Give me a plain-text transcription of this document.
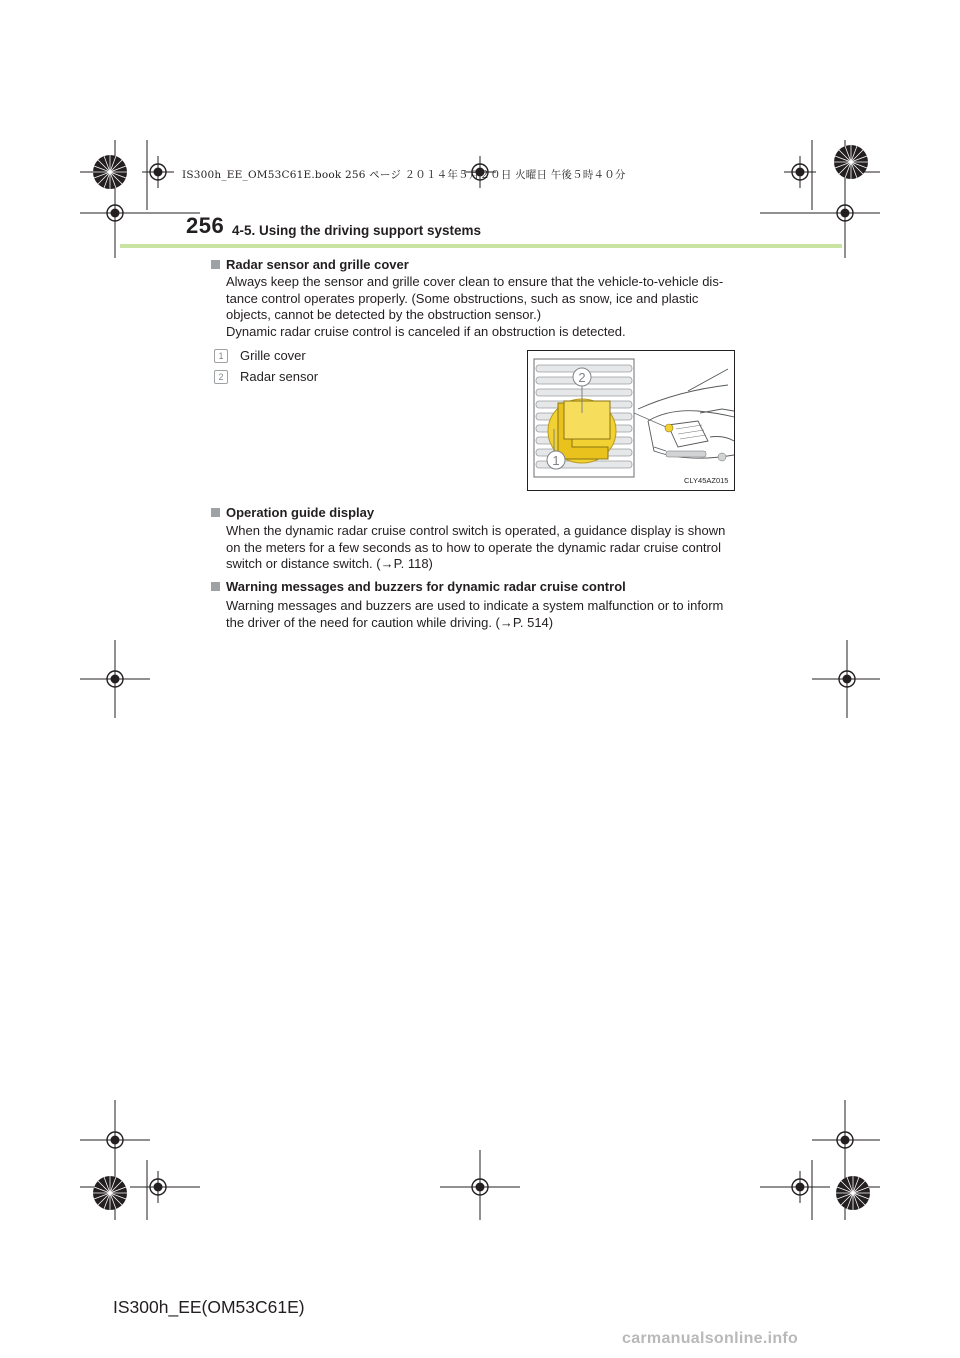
IS300h_EE_OM53C61E.book 256 ページ ２０１４年５月２０日 火曜日 午後５時４０分
256 4-5. Using the driving support systems
Radar sensor and grille cover
Always keep the sensor and grille cover clean to ensure that the vehicle-to-vehicle dis-
tance control operates properly. (Some obstructions, such as snow, ice and plastic
objects, cannot be detected by the obstruction sensor.)
Dynamic radar cruise control is canceled if an obstruction is detected.
1 Grille cover
2 Radar sensor	2
1
CLY45AZ015
Operation guide display
When the dynamic radar cruise control switch is operated, a guidance display is shown
on the meters for a few seconds as to how to operate the dynamic radar cruise control
switch or distance switch. (→P. 118)
Warning messages and buzzers for dynamic radar cruise control
Warning messages and buzzers are used to indicate a system malfunction or to inform
the driver of the need for caution while driving. (→P. 514)
IS300h_EE(OM53C61E)
carmanualsonline.info
